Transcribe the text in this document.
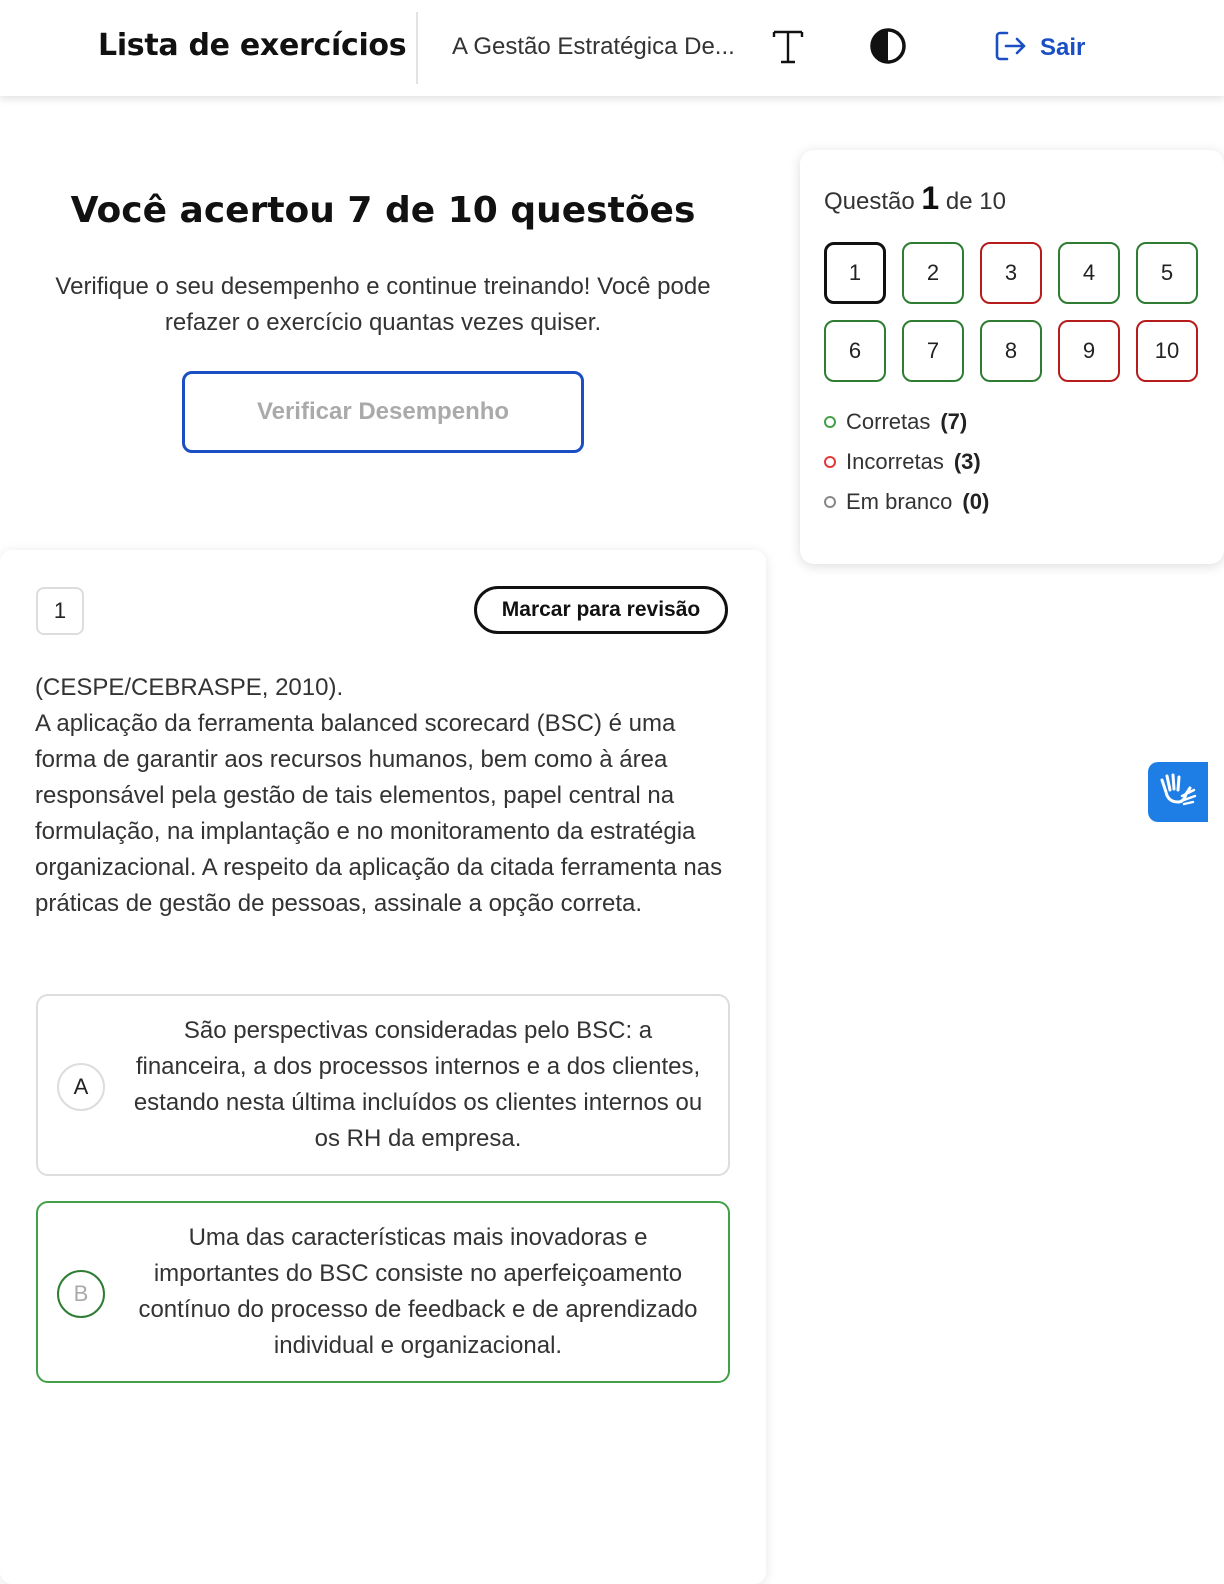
Lista de exercícios A Gestão Estratégica De...	Sair
Você acertou 7 de 10 questões
Verifique o seu desempenho e continue treinando! Você pode refazer o exercício quantas vezes quiser.
Verificar Desempenho
Questão 1 de 10
1	2	3	4	5
6	7	8	9	10
Corretas (7)
Incorretas (3)
Em branco (0)
1	Marcar para revisão
(CESPE/CEBRASPE, 2010).
A aplicação da ferramenta balanced scorecard (BSC) é uma forma de garantir aos recursos humanos, bem como à área responsável pela gestão de tais elementos, papel central na formulação, na implantação e no monitoramento da estratégia organizacional. A respeito da aplicação da citada ferramenta nas práticas de gestão de pessoas, assinale a opção correta.
A
São perspectivas consideradas pelo BSC: a financeira, a dos processos internos e a dos clientes, estando nesta última incluídos os clientes internos ou os RH da empresa.
B
Uma das características mais inovadoras e importantes do BSC consiste no aperfeiçoamento contínuo do processo de feedback e de aprendizado individual e organizacional.
